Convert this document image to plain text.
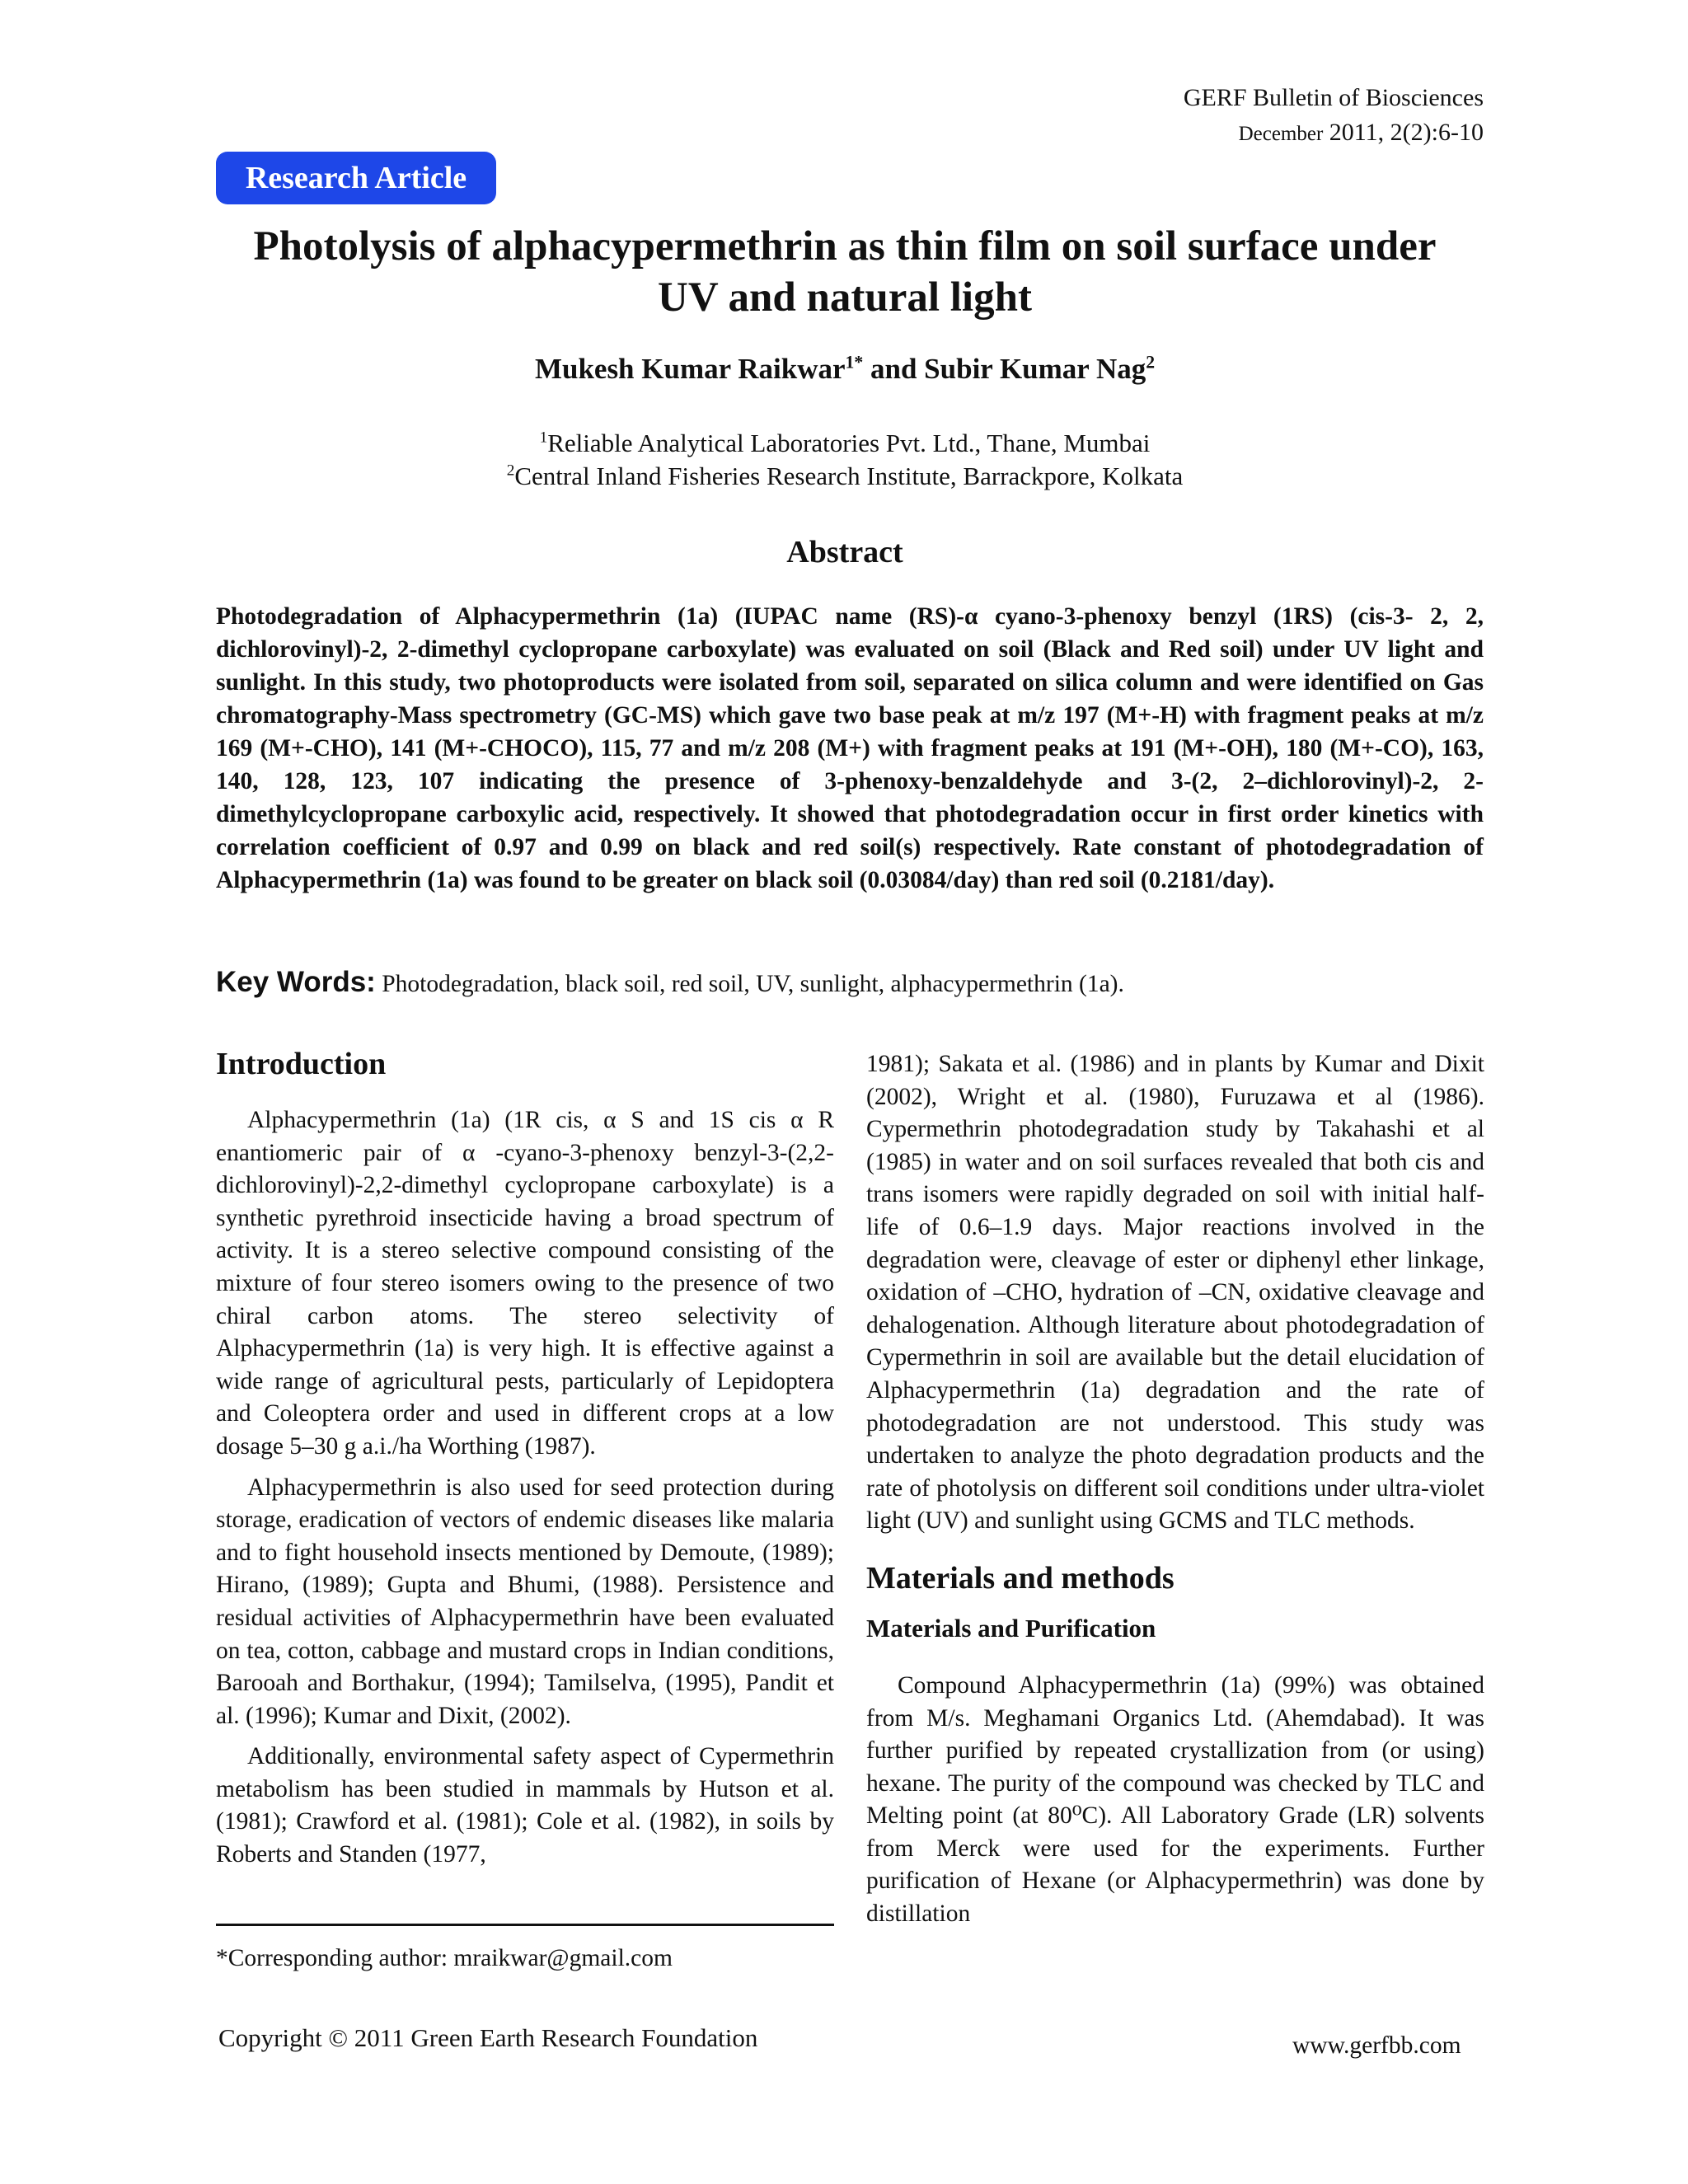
GERF Bulletin of Biosciences
December 2011, 2(2):6-10
Research Article
Photolysis of alphacypermethrin as thin film on soil surface under
UV and natural light
Mukesh Kumar Raikwar$^{1*}$ and Subir Kumar Nag$^2$
$^1$Reliable Analytical Laboratories Pvt. Ltd., Thane, Mumbai
$^2$Central Inland Fisheries Research Institute, Barrackpore, Kolkata
Abstract

Photodegradation of Alphacypermethrin (1a) (IUPAC name (RS)-α cyano-3-phenoxy benzyl (1RS) (cis-3- 2, 2, dichlorovinyl)-2, 2-dimethyl cyclopropane carboxylate) was evaluated on soil (Black and Red soil) under UV light and sunlight. In this study, two photoproducts were isolated from soil, separated on silica column and were identified on Gas chromatography-Mass spectrometry (GC-MS) which gave two base peak at m/z 197 (M+-H) with fragment peaks at m/z 169 (M+-CHO), 141 (M+-CHOCO), 115, 77 and m/z 208 (M+) with fragment peaks at 191 (M+-OH), 180 (M+-CO), 163, 140, 128, 123, 107 indicating the presence of 3-phenoxy-benzaldehyde and 3-(2, 2–dichlorovinyl)-2, 2-dimethylcyclopropane carboxylic acid, respectively. It showed that photodegradation occur in first order kinetics with correlation coefficient of 0.97 and 0.99 on black and red soil(s) respectively. Rate constant of photodegradation of Alphacypermethrin (1a) was found to be greater on black soil (0.03084/day) than red soil (0.2181/day).

Key Words: Photodegradation, black soil, red soil, UV, sunlight, alphacypermethrin (1a).
Introduction

Alphacypermethrin (1a) (1R cis, α S and 1S cis α R enantiomeric pair of α -cyano-3-phenoxy benzyl-3-(2,2-dichlorovinyl)-2,2-dimethyl cyclopropane carboxylate) is a synthetic pyrethroid insecticide having a broad spectrum of activity. It is a stereo selective compound consisting of the mixture of four stereo isomers owing to the presence of two chiral carbon atoms. The stereo selectivity of Alphacypermethrin (1a) is very high. It is effective against a wide range of agricultural pests, particularly of Lepidoptera and Coleoptera order and used in different crops at a low dosage 5–30 g a.i./ha Worthing (1987).

Alphacypermethrin is also used for seed protection during storage, eradication of vectors of endemic diseases like malaria and to fight household insects mentioned by Demoute, (1989); Hirano, (1989); Gupta and Bhumi, (1988). Persistence and residual activities of Alphacypermethrin have been evaluated on tea, cotton, cabbage and mustard crops in Indian conditions, Barooah and Borthakur, (1994); Tamilselva, (1995), Pandit et al. (1996); Kumar and Dixit, (2002).

Additionally, environmental safety aspect of Cypermethrin metabolism has been studied in mammals by Hutson et al. (1981); Crawford et al. (1981); Cole et al. (1982), in soils by Roberts and Standen (1977,

1981); Sakata et al. (1986) and in plants by Kumar and Dixit (2002), Wright et al. (1980), Furuzawa et al (1986). Cypermethrin photodegradation study by Takahashi et al (1985) in water and on soil surfaces revealed that both cis and trans isomers were rapidly degraded on soil with initial half-life of 0.6–1.9 days. Major reactions involved in the degradation were, cleavage of ester or diphenyl ether linkage, oxidation of –CHO, hydration of –CN, oxidative cleavage and dehalogenation. Although literature about photodegradation of Cypermethrin in soil are available but the detail elucidation of Alphacypermethrin (1a) degradation and the rate of photodegradation are not understood. This study was undertaken to analyze the photo degradation products and the rate of photolysis on different soil conditions under ultra-violet light (UV) and sunlight using GCMS and TLC methods.

Materials and methods
Materials and Purification

Compound Alphacypermethrin (1a) (99%) was obtained from M/s. Meghamani Organics Ltd. (Ahemdabad). It was further purified by repeated crystallization from (or using) hexane. The purity of the compound was checked by TLC and Melting point (at 80⁰C). All Laboratory Grade (LR) solvents from Merck were used for the experiments. Further purification of Hexane (or Alphacypermethrin) was done by distillation

*Corresponding author: mraikwar@gmail.com
Copyright © 2011 Green Earth Research Foundation	www.gerfbb.com
